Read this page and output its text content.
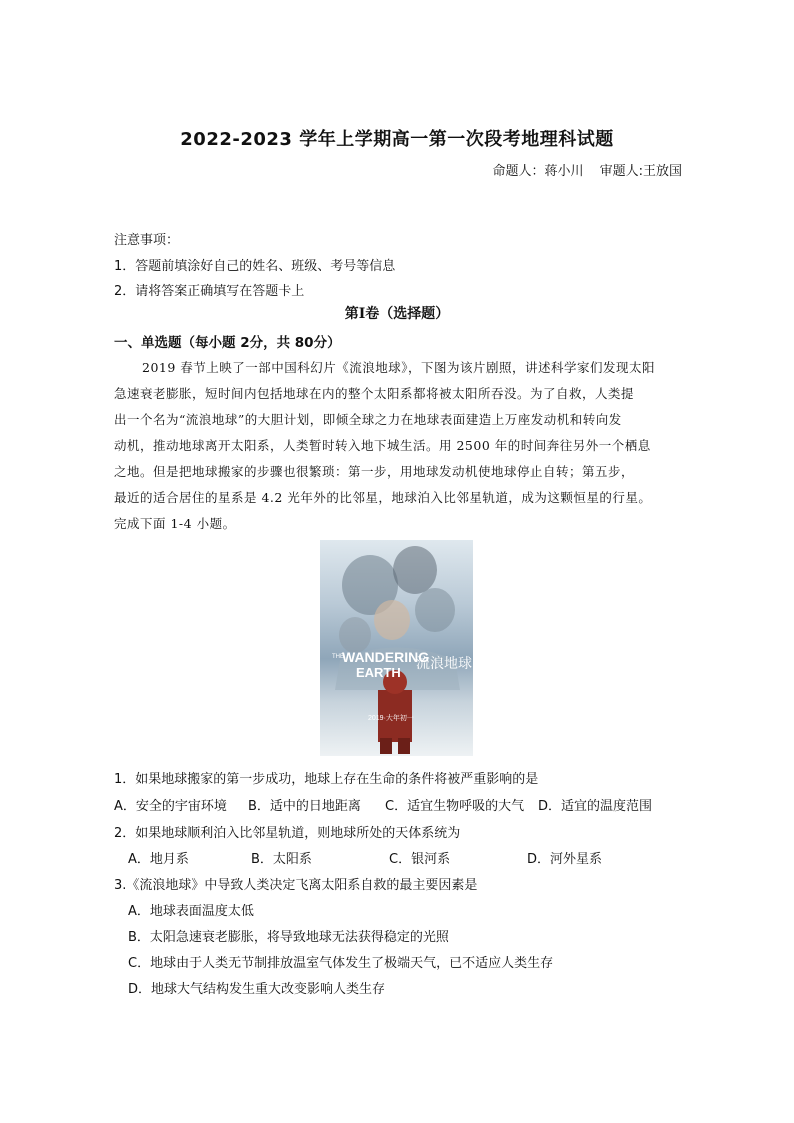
2022-2023 学年上学期高一第一次段考地理科试题
命题人：蒋小川 审题人:王放国
注意事项：
1．答题前填涂好自己的姓名、班级、考号等信息
2．请将答案正确填写在答题卡上
第Ⅰ卷（选择题）
一、单选题（每小题 2分，共 80分）
2019 春节上映了一部中国科幻片《流浪地球》，下图为该片剧照，讲述科学家们发现太阳
急速衰老膨胀，短时间内包括地球在内的整个太阳系都将被太阳所吞没。为了自救，人类提
出一个名为“流浪地球”的大胆计划，即倾全球之力在地球表面建造上万座发动机和转向发
动机，推动地球离开太阳系，人类暂时转入地下城生活。用 2500 年的时间奔往另外一个栖息
之地。但是把地球搬家的步骤也很繁琐：第一步，用地球发动机使地球停止自转；第五步，
最近的适合居住的星系是 4.2 光年外的比邻星，地球泊入比邻星轨道，成为这颗恒星的行星。
完成下面 1-4 小题。
THE
WANDERING
EARTH
流浪地球
2019·大年初一
1．如果地球搬家的第一步成功，地球上存在生命的条件将被严重影响的是
A．安全的宇宙环境 B．适中的日地距离 C．适宜生物呼吸的大气 D．适宜的温度范围
2．如果地球顺利泊入比邻星轨道，则地球所处的天体系统为
A．地月系	B．太阳系	C．银河系	D．河外星系
3.《流浪地球》中导致人类决定飞离太阳系自救的最主要因素是
A．地球表面温度太低
B．太阳急速衰老膨胀，将导致地球无法获得稳定的光照
C．地球由于人类无节制排放温室气体发生了极端天气，已不适应人类生存
D．地球大气结构发生重大改变影响人类生存
